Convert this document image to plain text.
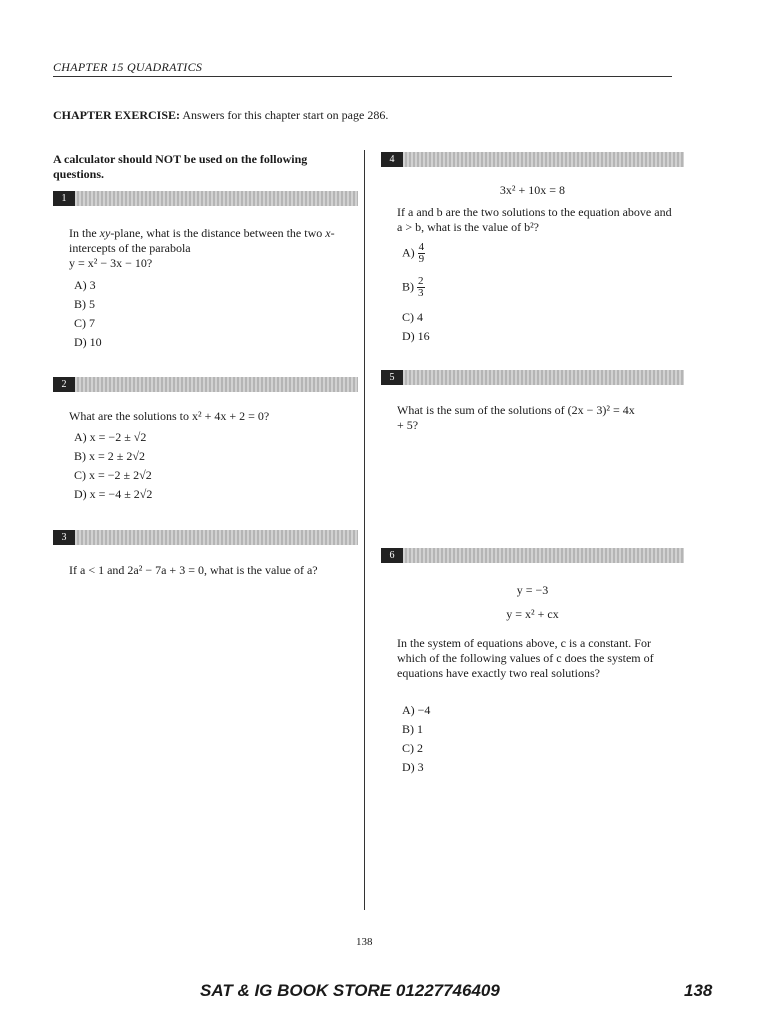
CHAPTER 15 QUADRATICS
CHAPTER EXERCISE: Answers for this chapter start on page 286.
A calculator should NOT be used on the following questions.
1
In the xy-plane, what is the distance between the two x-intercepts of the parabola
y = x² − 3x − 10?
A) 3
B) 5
C) 7
D) 10
2
What are the solutions to x² + 4x + 2 = 0?
A) x = −2 ± √2
B) x = 2 ± 2√2
C) x = −2 ± 2√2
D) x = −4 ± 2√2
3
If a < 1 and 2a² − 7a + 3 = 0, what is the value of a?
4
3x² + 10x = 8
If a and b are the two solutions to the equation above and a > b, what is the value of b²?
$A) \frac{4}{9}$
$B) \frac{2}{3}$
C) 4
D) 16
5
What is the sum of the solutions of (2x − 3)² = 4x + 5?
6
y = −3
y = x² + cx
In the system of equations above, c is a constant. For which of the following values of c does the system of equations have exactly two real solutions?
A) −4
B) 1
C) 2
D) 3
138
SAT & IG BOOK STORE 01227746409	138
